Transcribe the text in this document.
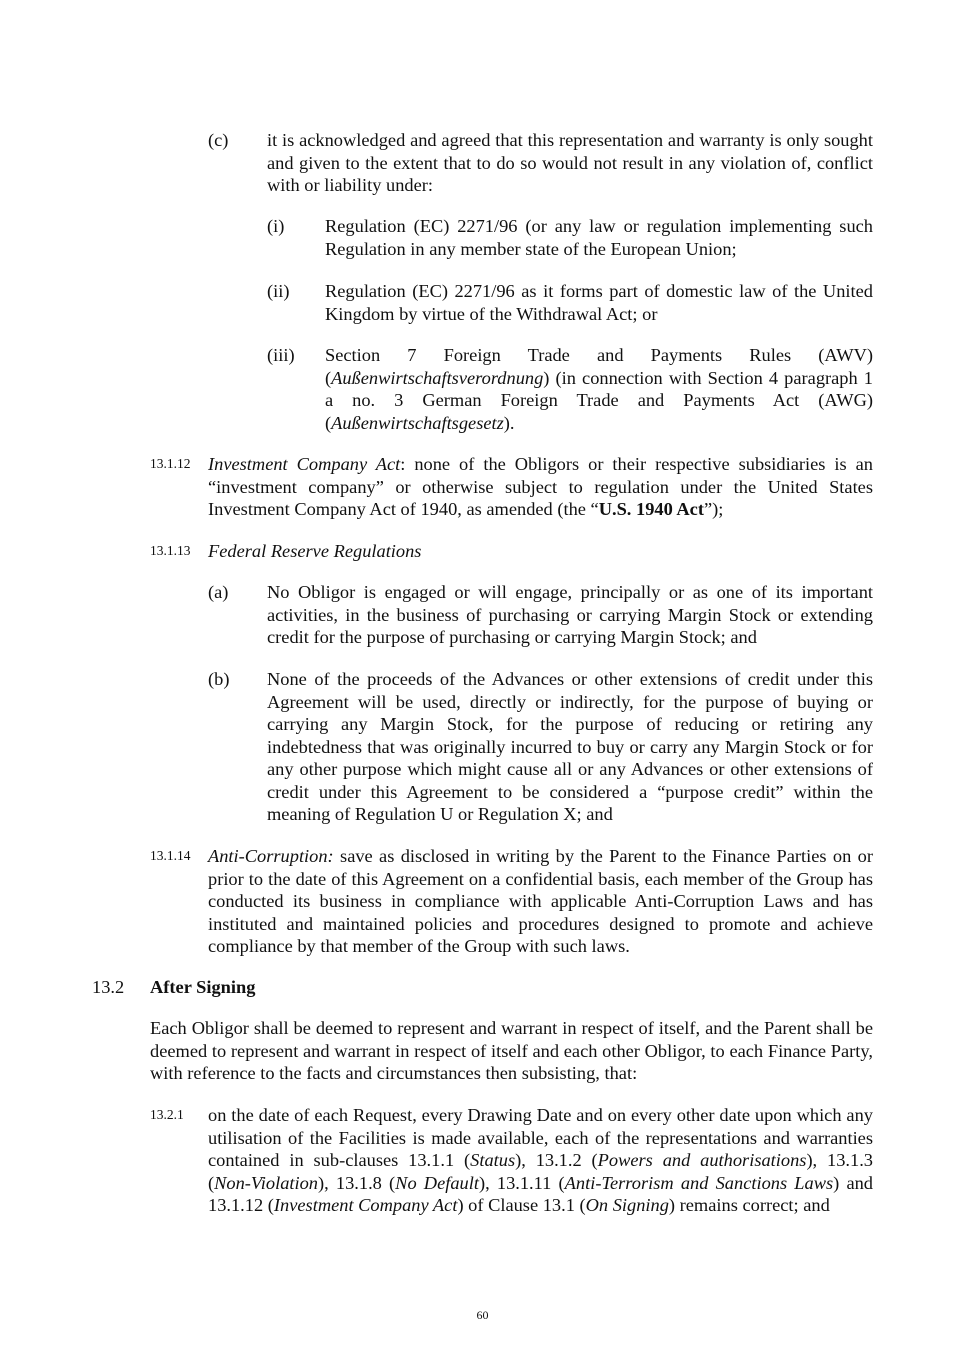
(c) it is acknowledged and agreed that this representation and warranty is only sought and given to the extent that to do so would not result in any violation of, conflict with or liability under:
(i) Regulation (EC) 2271/96 (or any law or regulation implementing such Regulation in any member state of the European Union;
(ii) Regulation (EC) 2271/96 as it forms part of domestic law of the United Kingdom by virtue of the Withdrawal Act; or
(iii) Section 7 Foreign Trade and Payments Rules (AWV) (Außenwirtschaftsverordnung) (in connection with Section 4 paragraph 1 a no. 3 German Foreign Trade and Payments Act (AWG) (Außenwirtschaftsgesetz).
13.1.12 Investment Company Act: none of the Obligors or their respective subsidiaries is an “investment company” or otherwise subject to regulation under the United States Investment Company Act of 1940, as amended (the “U.S. 1940 Act”);
13.1.13 Federal Reserve Regulations
(a) No Obligor is engaged or will engage, principally or as one of its important activities, in the business of purchasing or carrying Margin Stock or extending credit for the purpose of purchasing or carrying Margin Stock; and
(b) None of the proceeds of the Advances or other extensions of credit under this Agreement will be used, directly or indirectly, for the purpose of buying or carrying any Margin Stock, for the purpose of reducing or retiring any indebtedness that was originally incurred to buy or carry any Margin Stock or for any other purpose which might cause all or any Advances or other extensions of credit under this Agreement to be considered a “purpose credit” within the meaning of Regulation U or Regulation X; and
13.1.14 Anti-Corruption: save as disclosed in writing by the Parent to the Finance Parties on or prior to the date of this Agreement on a confidential basis, each member of the Group has conducted its business in compliance with applicable Anti-Corruption Laws and has instituted and maintained policies and procedures designed to promote and achieve compliance by that member of the Group with such laws.
13.2 After Signing
Each Obligor shall be deemed to represent and warrant in respect of itself, and the Parent shall be deemed to represent and warrant in respect of itself and each other Obligor, to each Finance Party, with reference to the facts and circumstances then subsisting, that:
13.2.1 on the date of each Request, every Drawing Date and on every other date upon which any utilisation of the Facilities is made available, each of the representations and warranties contained in sub-clauses 13.1.1 (Status), 13.1.2 (Powers and authorisations), 13.1.3 (Non-Violation), 13.1.8 (No Default), 13.1.11 (Anti-Terrorism and Sanctions Laws) and 13.1.12 (Investment Company Act) of Clause 13.1 (On Signing) remains correct; and
60
